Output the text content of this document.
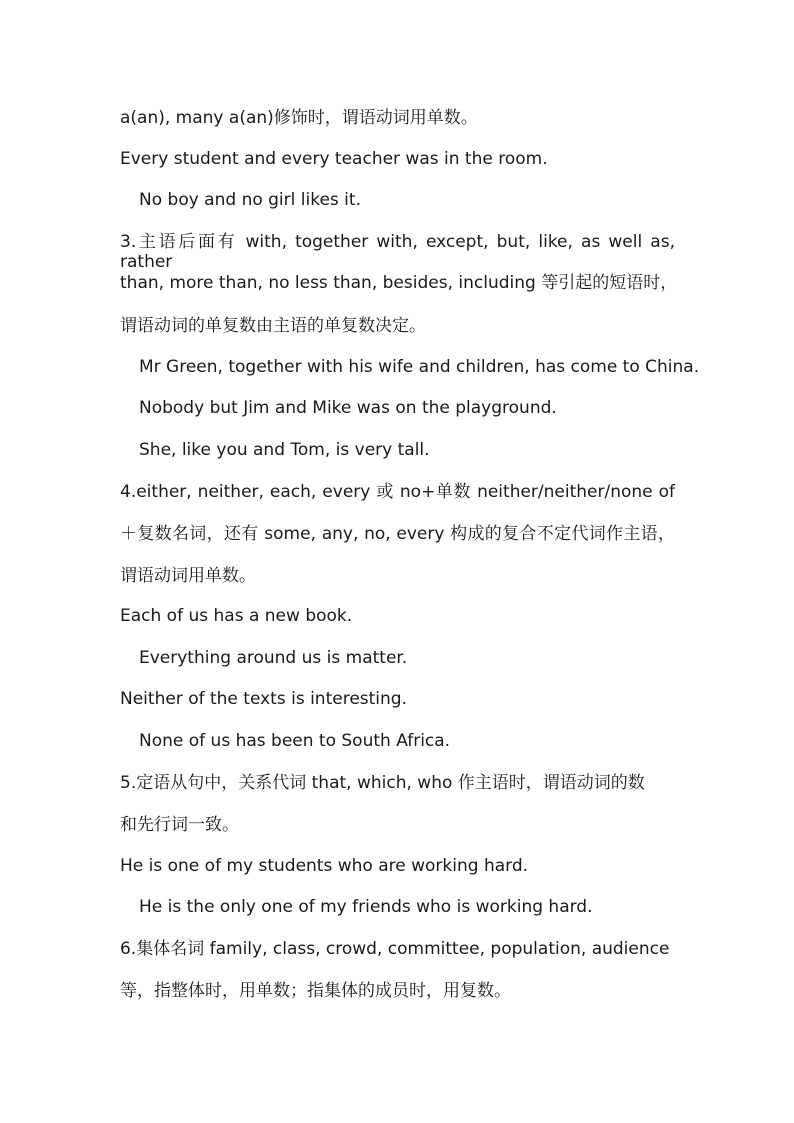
a(an), many a(an)修饰时，谓语动词用单数。
Every student and every teacher was in the room.
No boy and no girl likes it.
3.主语后面有 with, together with, except, but, like, as well as, rather
than, more than, no less than, besides, including 等引起的短语时，
谓语动词的单复数由主语的单复数决定。
Mr Green, together with his wife and children, has come to China.
Nobody but Jim and Mike was on the playground.
She, like you and Tom, is very tall.
4.either, neither, each, every 或 no+单数 neither/neither/none of
＋复数名词，还有 some, any, no, every 构成的复合不定代词作主语，
谓语动词用单数。
Each of us has a new book.
Everything around us is matter.
Neither of the texts is interesting.
None of us has been to South Africa.
5.定语从句中，关系代词 that, which, who 作主语时，谓语动词的数
和先行词一致。
He is one of my students who are working hard.
He is the only one of my friends who is working hard.
6.集体名词 family, class, crowd, committee, population, audience
等，指整体时，用单数；指集体的成员时，用复数。
